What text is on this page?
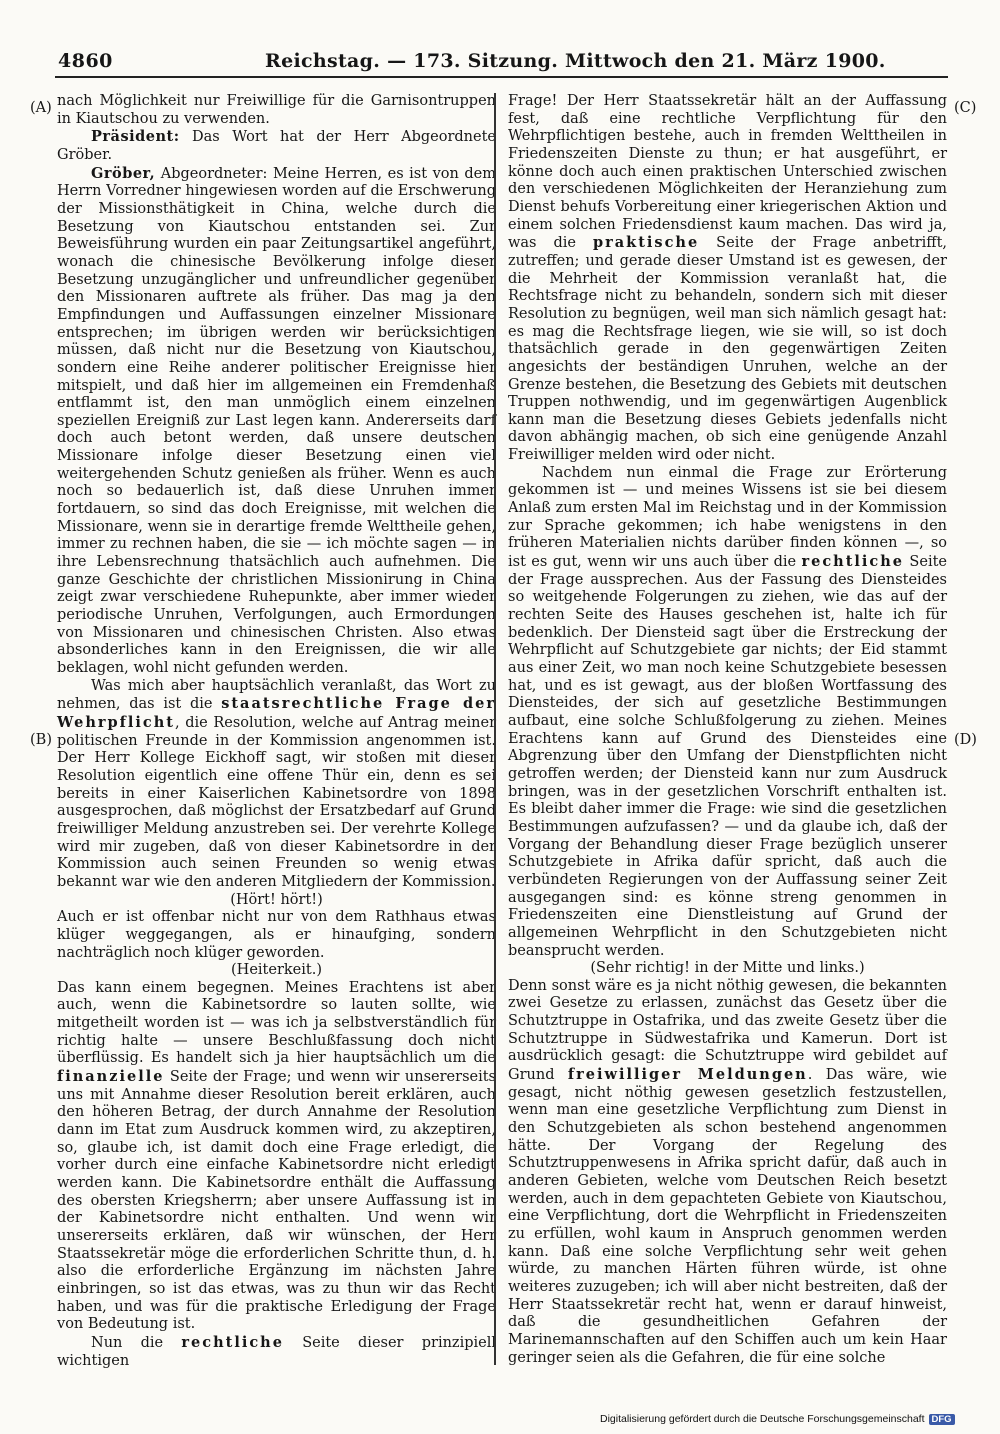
4860	Reichstag. — 173. Sitzung. Mittwoch den 21. März 1900.
(A)
(B)
(C)
(D)

nach Möglichkeit nur Freiwillige für die Garnisontruppen in Kiautschou zu verwenden.

Präsident: Das Wort hat der Herr Abgeordnete Gröber.

Gröber, Abgeordneter: Meine Herren, es ist von dem Herrn Vorredner hingewiesen worden auf die Erschwerung der Missionsthätigkeit in China, welche durch die Besetzung von Kiautschou entstanden sei. Zur Beweisführung wurden ein paar Zeitungsartikel angeführt, wonach die chinesische Bevölkerung infolge dieser Besetzung unzugänglicher und unfreundlicher gegenüber den Missionaren auftrete als früher. Das mag ja den Empfindungen und Auffassungen einzelner Missionare entsprechen; im übrigen werden wir berücksichtigen müssen, daß nicht nur die Besetzung von Kiautschou, sondern eine Reihe anderer politischer Ereignisse hier mitspielt, und daß hier im allgemeinen ein Fremdenhaß entflammt ist, den man unmöglich einem einzelnen speziellen Ereigniß zur Last legen kann. Andererseits darf doch auch betont werden, daß unsere deutschen Missionare infolge dieser Besetzung einen viel weitergehenden Schutz genießen als früher. Wenn es auch noch so bedauerlich ist, daß diese Unruhen immer fortdauern, so sind das doch Ereignisse, mit welchen die Missionare, wenn sie in derartige fremde Welttheile gehen, immer zu rechnen haben, die sie — ich möchte sagen — in ihre Lebensrechnung thatsächlich auch aufnehmen. Die ganze Geschichte der christlichen Missionirung in China zeigt zwar verschiedene Ruhepunkte, aber immer wieder periodische Unruhen, Verfolgungen, auch Ermordungen von Missionaren und chinesischen Christen. Also etwas absonderliches kann in den Ereignissen, die wir alle beklagen, wohl nicht gefunden werden.

Was mich aber hauptsächlich veranlaßt, das Wort zu nehmen, das ist die staatsrechtliche Frage der Wehrpflicht, die Resolution, welche auf Antrag meiner politischen Freunde in der Kommission angenommen ist. Der Herr Kollege Eickhoff sagt, wir stoßen mit dieser Resolution eigentlich eine offene Thür ein, denn es sei bereits in einer Kaiserlichen Kabinetsordre von 1898 ausgesprochen, daß möglichst der Ersatzbedarf auf Grund freiwilliger Meldung anzustreben sei. Der verehrte Kollege wird mir zugeben, daß von dieser Kabinetsordre in der Kommission auch seinen Freunden so wenig etwas bekannt war wie den anderen Mitgliedern der Kommission.

(Hört! hört!)

Auch er ist offenbar nicht nur von dem Rathhaus etwas klüger weggegangen, als er hinaufging, sondern nachträglich noch klüger geworden.

(Heiterkeit.)

Das kann einem begegnen. Meines Erachtens ist aber auch, wenn die Kabinetsordre so lauten sollte, wie mitgetheilt worden ist — was ich ja selbstverständlich für richtig halte — unsere Beschlußfassung doch nicht überflüssig. Es handelt sich ja hier hauptsächlich um die finanzielle Seite der Frage; und wenn wir unsererseits uns mit Annahme dieser Resolution bereit erklären, auch den höheren Betrag, der durch Annahme der Resolution dann im Etat zum Ausdruck kommen wird, zu akzeptiren, so, glaube ich, ist damit doch eine Frage erledigt, die vorher durch eine einfache Kabinetsordre nicht erledigt werden kann. Die Kabinetsordre enthält die Auffassung des obersten Kriegsherrn; aber unsere Auffassung ist in der Kabinetsordre nicht enthalten. Und wenn wir unsererseits erklären, daß wir wünschen, der Herr Staatssekretär möge die erforderlichen Schritte thun, d. h. also die erforderliche Ergänzung im nächsten Jahre einbringen, so ist das etwas, was zu thun wir das Recht haben, und was für die praktische Erledigung der Frage von Bedeutung ist.

Nun die rechtliche Seite dieser prinzipiell wichtigen

Frage! Der Herr Staatssekretär hält an der Auffassung fest, daß eine rechtliche Verpflichtung für den Wehrpflichtigen bestehe, auch in fremden Welttheilen in Friedenszeiten Dienste zu thun; er hat ausgeführt, er könne doch auch einen praktischen Unterschied zwischen den verschiedenen Möglichkeiten der Heranziehung zum Dienst behufs Vorbereitung einer kriegerischen Aktion und einem solchen Friedensdienst kaum machen. Das wird ja, was die praktische Seite der Frage anbetrifft, zutreffen; und gerade dieser Umstand ist es gewesen, der die Mehrheit der Kommission veranlaßt hat, die Rechtsfrage nicht zu behandeln, sondern sich mit dieser Resolution zu begnügen, weil man sich nämlich gesagt hat: es mag die Rechtsfrage liegen, wie sie will, so ist doch thatsächlich gerade in den gegenwärtigen Zeiten angesichts der beständigen Unruhen, welche an der Grenze bestehen, die Besetzung des Gebiets mit deutschen Truppen nothwendig, und im gegenwärtigen Augenblick kann man die Besetzung dieses Gebiets jedenfalls nicht davon abhängig machen, ob sich eine genügende Anzahl Freiwilliger melden wird oder nicht.

Nachdem nun einmal die Frage zur Erörterung gekommen ist — und meines Wissens ist sie bei diesem Anlaß zum ersten Mal im Reichstag und in der Kommission zur Sprache gekommen; ich habe wenigstens in den früheren Materialien nichts darüber finden können —, so ist es gut, wenn wir uns auch über die rechtliche Seite der Frage aussprechen. Aus der Fassung des Diensteides so weitgehende Folgerungen zu ziehen, wie das auf der rechten Seite des Hauses geschehen ist, halte ich für bedenklich. Der Diensteid sagt über die Erstreckung der Wehrpflicht auf Schutzgebiete gar nichts; der Eid stammt aus einer Zeit, wo man noch keine Schutzgebiete besessen hat, und es ist gewagt, aus der bloßen Wortfassung des Diensteides, der sich auf gesetzliche Bestimmungen aufbaut, eine solche Schlußfolgerung zu ziehen. Meines Erachtens kann auf Grund des Diensteides eine Abgrenzung über den Umfang der Dienstpflichten nicht getroffen werden; der Diensteid kann nur zum Ausdruck bringen, was in der gesetzlichen Vorschrift enthalten ist. Es bleibt daher immer die Frage: wie sind die gesetzlichen Bestimmungen aufzufassen? — und da glaube ich, daß der Vorgang der Behandlung dieser Frage bezüglich unserer Schutzgebiete in Afrika dafür spricht, daß auch die verbündeten Regierungen von der Auffassung seiner Zeit ausgegangen sind: es könne streng genommen in Friedenszeiten eine Dienstleistung auf Grund der allgemeinen Wehrpflicht in den Schutzgebieten nicht beansprucht werden.

(Sehr richtig! in der Mitte und links.)

Denn sonst wäre es ja nicht nöthig gewesen, die bekannten zwei Gesetze zu erlassen, zunächst das Gesetz über die Schutztruppe in Ostafrika, und das zweite Gesetz über die Schutztruppe in Südwestafrika und Kamerun. Dort ist ausdrücklich gesagt: die Schutztruppe wird gebildet auf Grund freiwilliger Meldungen. Das wäre, wie gesagt, nicht nöthig gewesen gesetzlich festzustellen, wenn man eine gesetzliche Verpflichtung zum Dienst in den Schutzgebieten als schon bestehend angenommen hätte. Der Vorgang der Regelung des Schutztruppenwesens in Afrika spricht dafür, daß auch in anderen Gebieten, welche vom Deutschen Reich besetzt werden, auch in dem gepachteten Gebiete von Kiautschou, eine Verpflichtung, dort die Wehrpflicht in Friedenszeiten zu erfüllen, wohl kaum in Anspruch genommen werden kann. Daß eine solche Verpflichtung sehr weit gehen würde, zu manchen Härten führen würde, ist ohne weiteres zuzugeben; ich will aber nicht bestreiten, daß der Herr Staatssekretär recht hat, wenn er darauf hinweist, daß die gesundheitlichen Gefahren der Marinemannschaften auf den Schiffen auch um kein Haar geringer seien als die Gefahren, die für eine solche

Digitalisierung gefördert durch die Deutsche Forschungsgemeinschaft DFG
